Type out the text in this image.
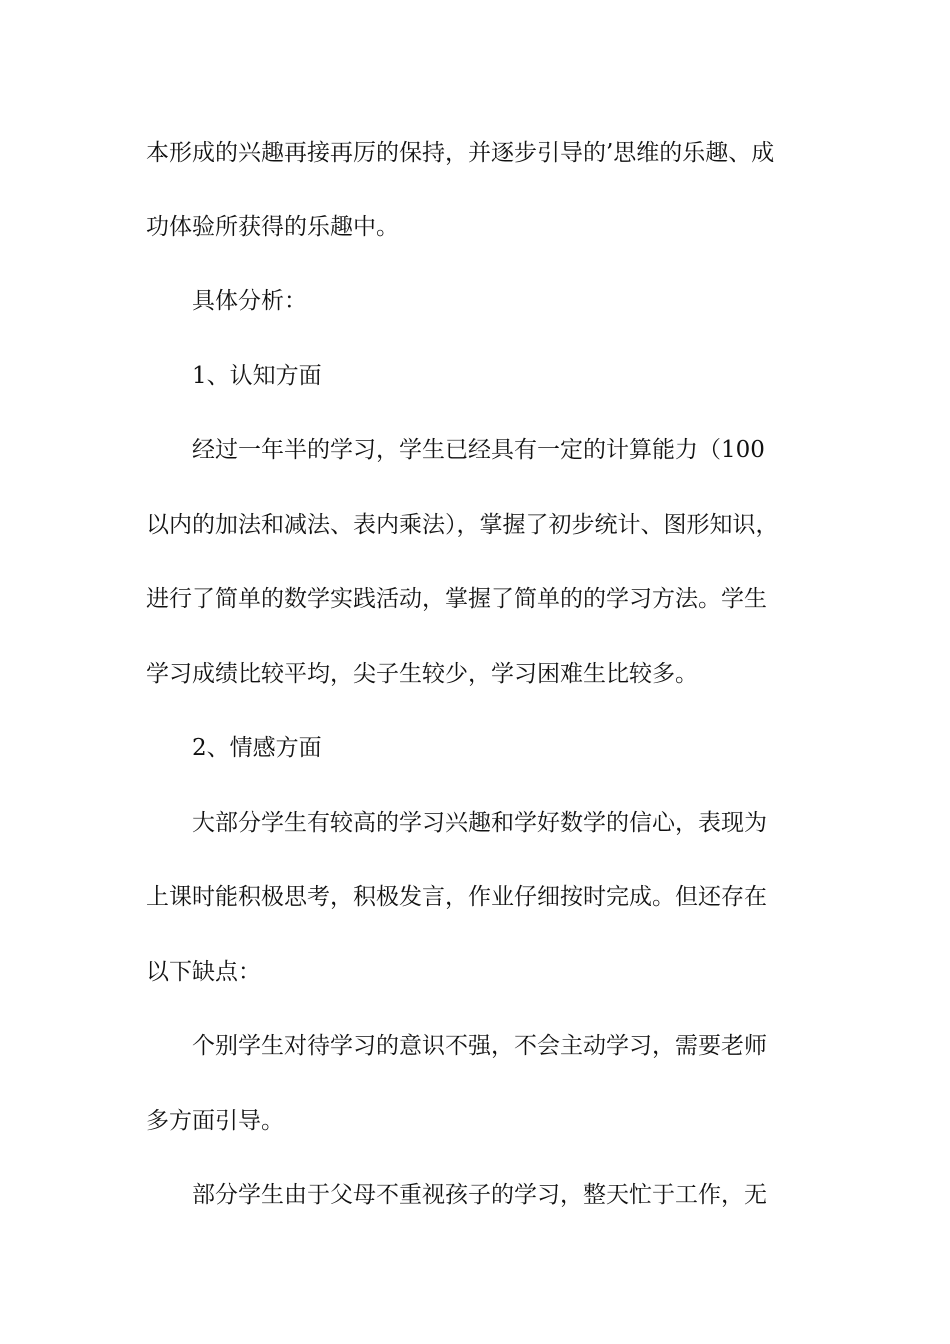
本形成的兴趣再接再厉的保持，并逐步引导的’思维的乐趣、成
功体验所获得的乐趣中。
具体分析：
1、认知方面
经过一年半的学习，学生已经具有一定的计算能力（100
以内的加法和减法、表内乘法），掌握了初步统计、图形知识，
进行了简单的数学实践活动，掌握了简单的的学习方法。学生
学习成绩比较平均，尖子生较少，学习困难生比较多。
2、情感方面
大部分学生有较高的学习兴趣和学好数学的信心，表现为
上课时能积极思考，积极发言，作业仔细按时完成。但还存在
以下缺点：
个别学生对待学习的意识不强，不会主动学习，需要老师
多方面引导。
部分学生由于父母不重视孩子的学习，整天忙于工作，无
